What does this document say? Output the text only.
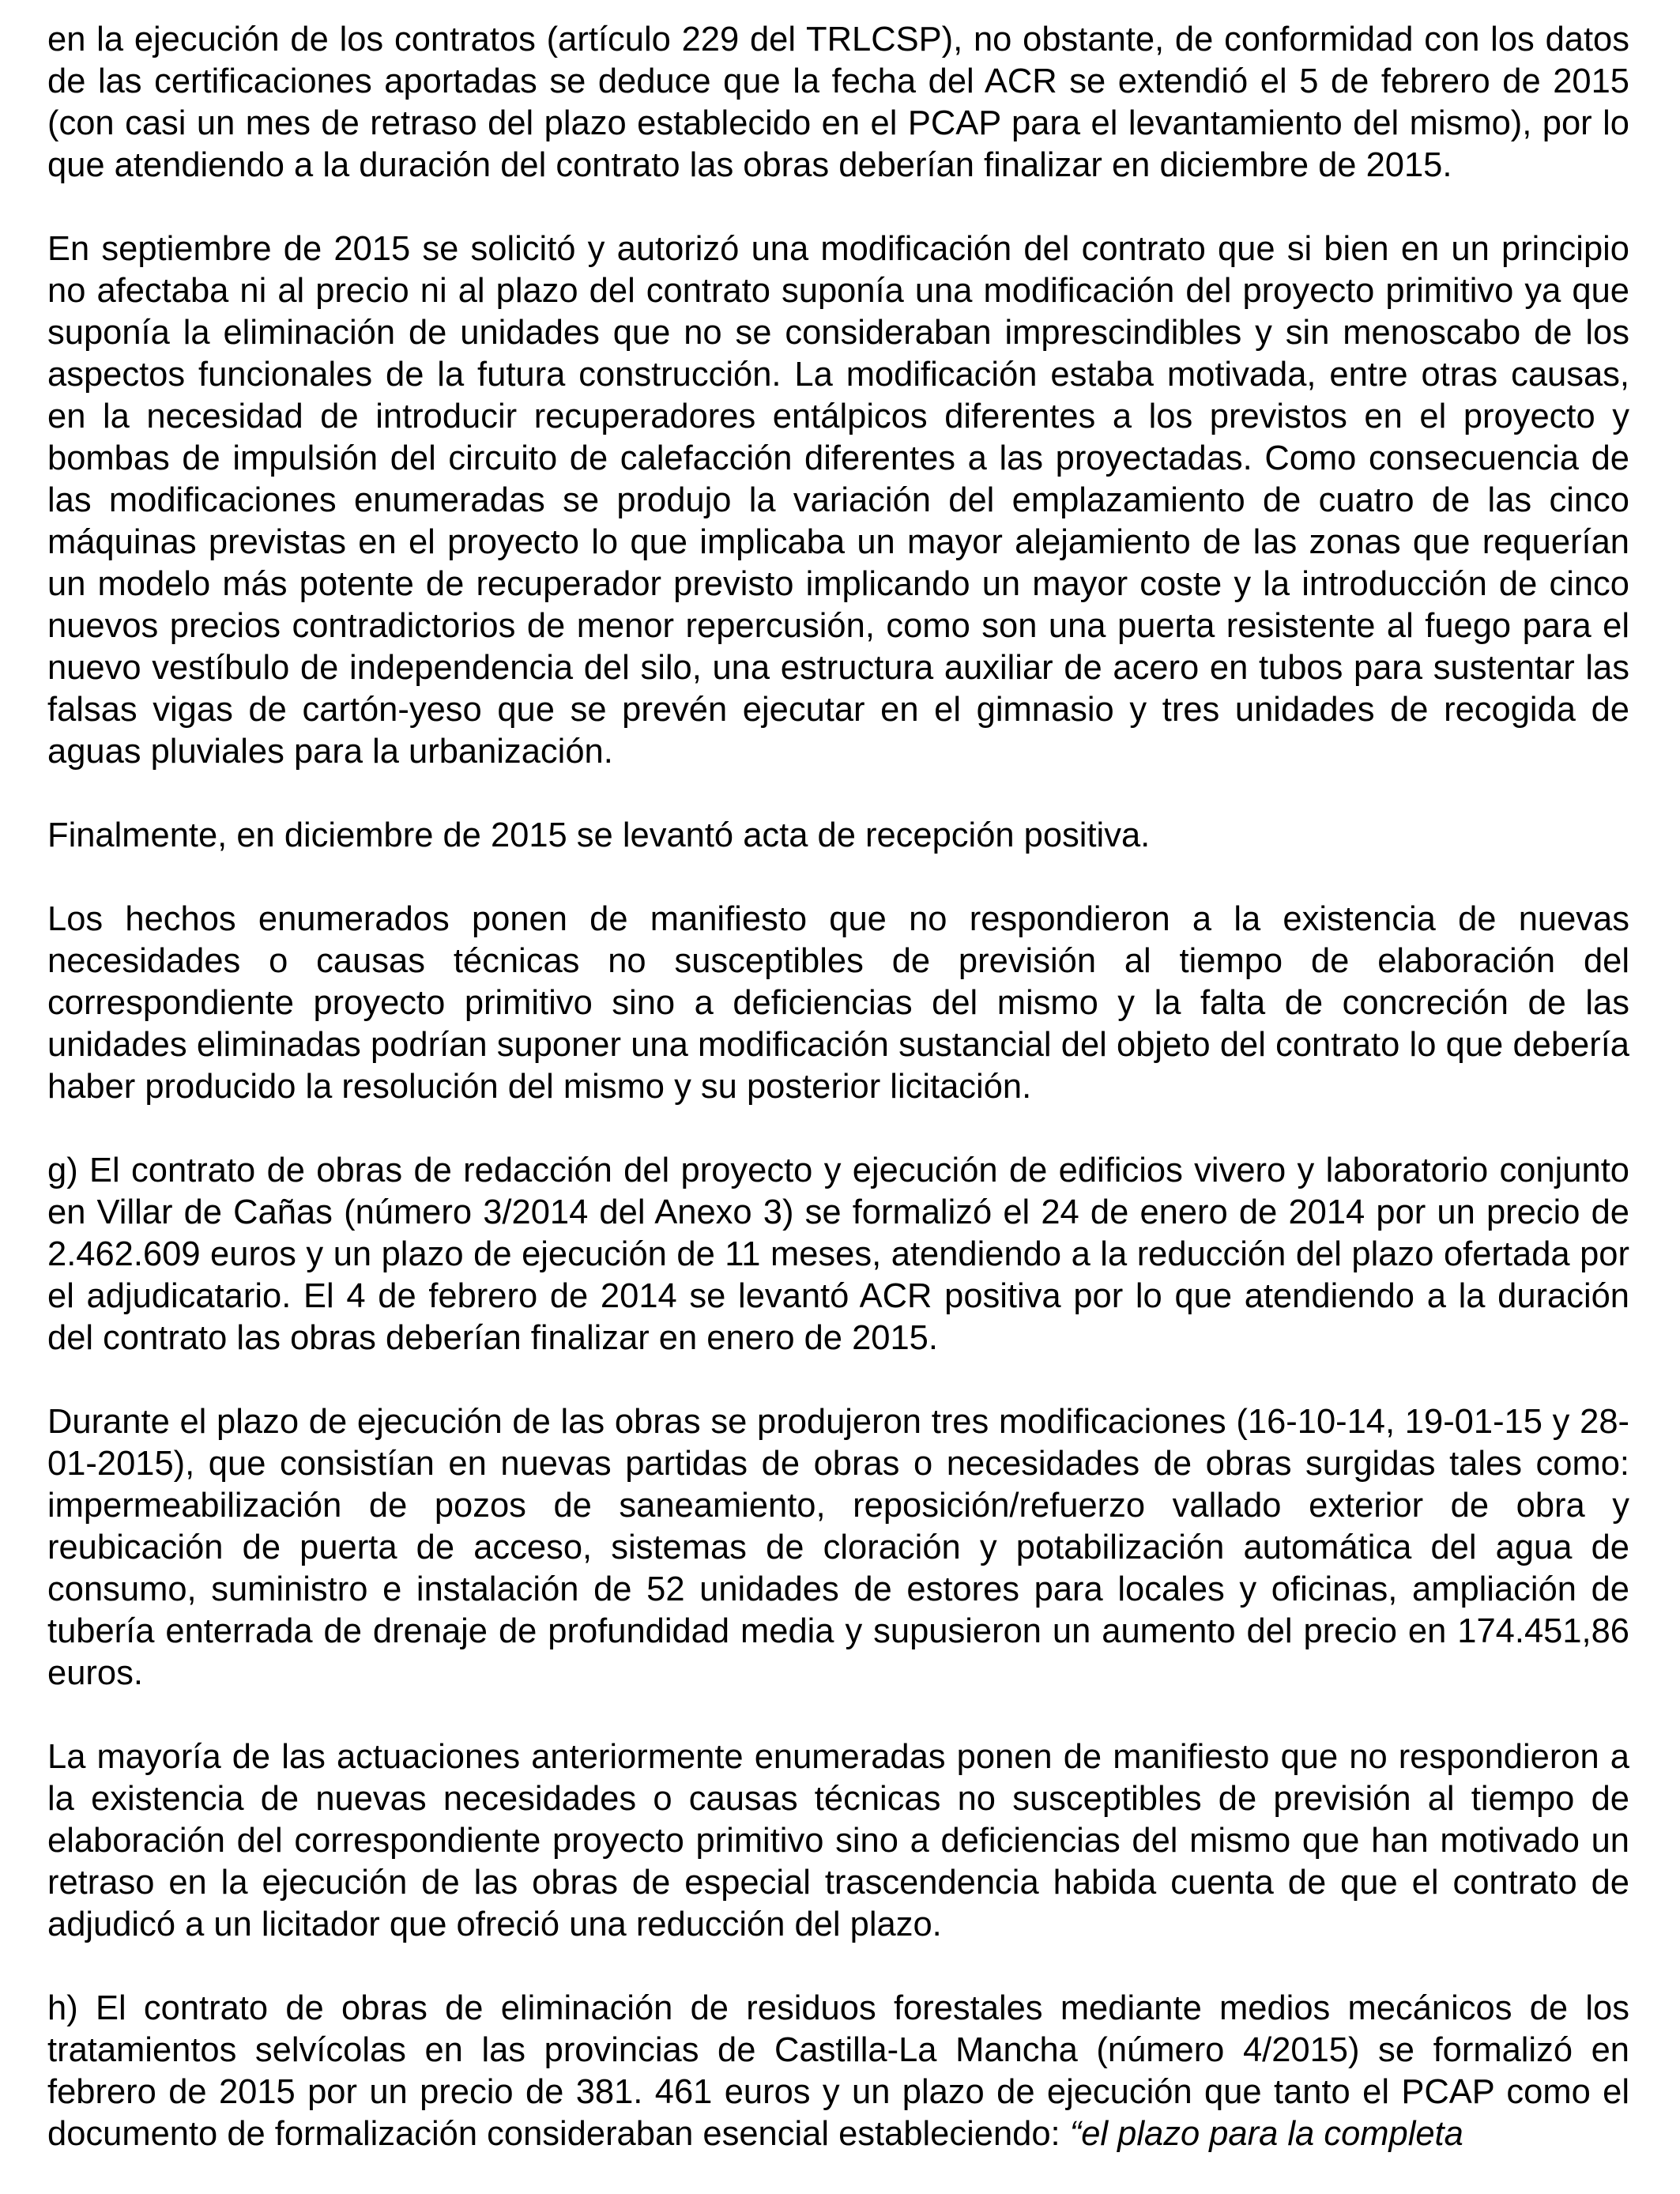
en la ejecución de los contratos (artículo 229 del TRLCSP), no obstante, de conformidad con los datos de las certificaciones aportadas se deduce que la fecha del ACR se extendió el 5 de febrero de 2015 (con casi un mes de retraso del plazo establecido en el PCAP para el levantamiento del mismo), por lo que atendiendo a la duración del contrato las obras deberían finalizar en diciembre de 2015.

En septiembre de 2015 se solicitó y autorizó una modificación del contrato que si bien en un principio no afectaba ni al precio ni al plazo del contrato suponía una modificación del proyecto primitivo ya que suponía la eliminación de unidades que no se consideraban imprescindibles y sin menoscabo de los aspectos funcionales de la futura construcción. La modificación estaba motivada, entre otras causas, en la necesidad de introducir recuperadores entálpicos diferentes a los previstos en el proyecto y bombas de impulsión del circuito de calefacción diferentes a las proyectadas. Como consecuencia de las modificaciones enumeradas se produjo la variación del emplazamiento de cuatro de las cinco máquinas previstas en el proyecto lo que implicaba un mayor alejamiento de las zonas que requerían un modelo más potente de recuperador previsto implicando un mayor coste y la introducción de cinco nuevos precios contradictorios de menor repercusión, como son una puerta resistente al fuego para el nuevo vestíbulo de independencia del silo, una estructura auxiliar de acero en tubos para sustentar las falsas vigas de cartón-yeso que se prevén ejecutar en el gimnasio y tres unidades de recogida de aguas pluviales para la urbanización.

Finalmente, en diciembre de 2015 se levantó acta de recepción positiva.

Los hechos enumerados ponen de manifiesto que no respondieron a la existencia de nuevas necesidades o causas técnicas no susceptibles de previsión al tiempo de elaboración del correspondiente proyecto primitivo sino a deficiencias del mismo y la falta de concreción de las unidades eliminadas podrían suponer una modificación sustancial del objeto del contrato lo que debería haber producido la resolución del mismo y su posterior licitación.

g) El contrato de obras de redacción del proyecto y ejecución de edificios vivero y laboratorio conjunto en Villar de Cañas (número 3/2014 del Anexo 3) se formalizó el 24 de enero de 2014 por un precio de 2.462.609 euros y un plazo de ejecución de 11 meses, atendiendo a la reducción del plazo ofertada por el adjudicatario. El 4 de febrero de 2014 se levantó ACR positiva por lo que atendiendo a la duración del contrato las obras deberían finalizar en enero de 2015.

Durante el plazo de ejecución de las obras se produjeron tres modificaciones (16-10-14, 19-01-15 y 28-01-2015), que consistían en nuevas partidas de obras o necesidades de obras surgidas tales como: impermeabilización de pozos de saneamiento, reposición/refuerzo vallado exterior de obra y reubicación de puerta de acceso, sistemas de cloración y potabilización automática del agua de consumo, suministro e instalación de 52 unidades de estores para locales y oficinas, ampliación de tubería enterrada de drenaje de profundidad media y supusieron un aumento del precio en 174.451,86 euros.

La mayoría de las actuaciones anteriormente enumeradas ponen de manifiesto que no respondieron a la existencia de nuevas necesidades o causas técnicas no susceptibles de previsión al tiempo de elaboración del correspondiente proyecto primitivo sino a deficiencias del mismo que han motivado un retraso en la ejecución de las obras de especial trascendencia habida cuenta de que el contrato de adjudicó a un licitador que ofreció una reducción del plazo.

h) El contrato de obras de eliminación de residuos forestales mediante medios mecánicos de los tratamientos selvícolas en las provincias de Castilla-La Mancha (número 4/2015) se formalizó en febrero de 2015 por un precio de 381. 461 euros y un plazo de ejecución que tanto el PCAP como el documento de formalización consideraban esencial estableciendo: “el plazo para la completa
